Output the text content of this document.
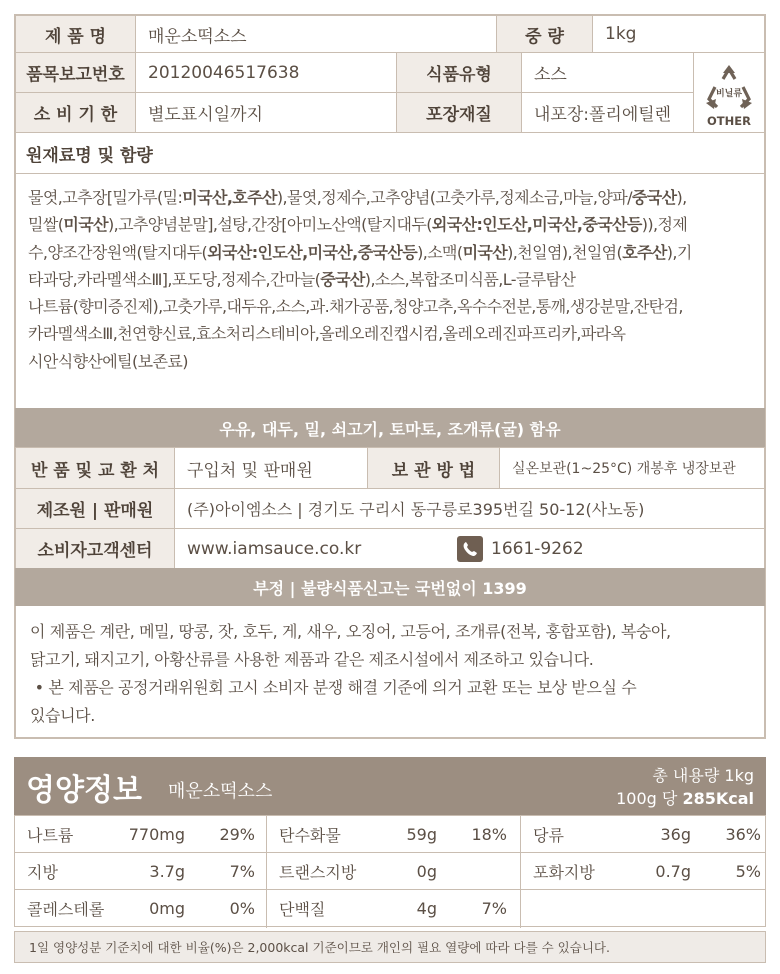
제 품 명	매운소떡소스	중 량	1kg
품목보고번호	20120046517638	식품유형	소스
소 비 기 한	별도표시일까지	포장재질	내포장:폴리에틸렌
비닐류
OTHER
원재료명 및 함량
물엿,고추장[밀가루(밀:미국산,호주산),물엿,정제수,고추양념(고춧가루,정제소금,마늘,양파/중국산),
밀쌀(미국산),고추양념분말],설탕,간장[아미노산액(탈지대두(외국산:인도산,미국산,중국산등)),정제
수,양조간장원액(탈지대두(외국산:인도산,미국산,중국산등),소맥(미국산),천일염),천일염(호주산),기
타과당,카라멜색소Ⅲ],포도당,정제수,간마늘(중국산),소스,복합조미식품,L-글루탐산
나트륨(향미증진제),고춧가루,대두유,소스,과.채가공품,청양고추,옥수수전분,통깨,생강분말,잔탄검,
카라멜색소Ⅲ,천연향신료,효소처리스테비아,올레오레진캡시컴,올레오레진파프리카,파라옥
시안식향산에틸(보존료)
우유, 대두, 밀, 쇠고기, 토마토, 조개류(굴) 함유
반 품 및 교 환 처	구입처 및 판매원	보 관 방 법	실온보관(1~25°C) 개봉후 냉장보관
제조원 | 판매원	(주)아이엠소스 | 경기도 구리시 동구릉로395번길 50-12(사노동)
소비자고객센터	www.iamsauce.co.kr	1661-9262
부정 | 불량식품신고는 국번없이 1399
이 제품은 계란, 메밀, 땅콩, 잣, 호두, 게, 새우, 오징어, 고등어, 조개류(전복, 홍합포함), 복숭아,
닭고기, 돼지고기, 아황산류를 사용한 제품과 같은 제조시설에서 제조하고 있습니다.
• 본 제품은 공정거래위원회 고시 소비자 분쟁 해결 기준에 의거 교환 또는 보상 받으실 수
있습니다.
영양정보 매운소떡소스
총 내용량 1kg
100g 당 285Kcal
나트륨	770mg	29% 탄수화물	59g	18% 당류	36g	36%
지방	3.7g	7% 트랜스지방	0g	포화지방	0.7g	5%
콜레스테롤	0mg	0% 단백질	4g	7%
1일 영양성분 기준치에 대한 비율(%)은 2,000kcal 기준이므로 개인의 필요 열량에 따라 다를 수 있습니다.
